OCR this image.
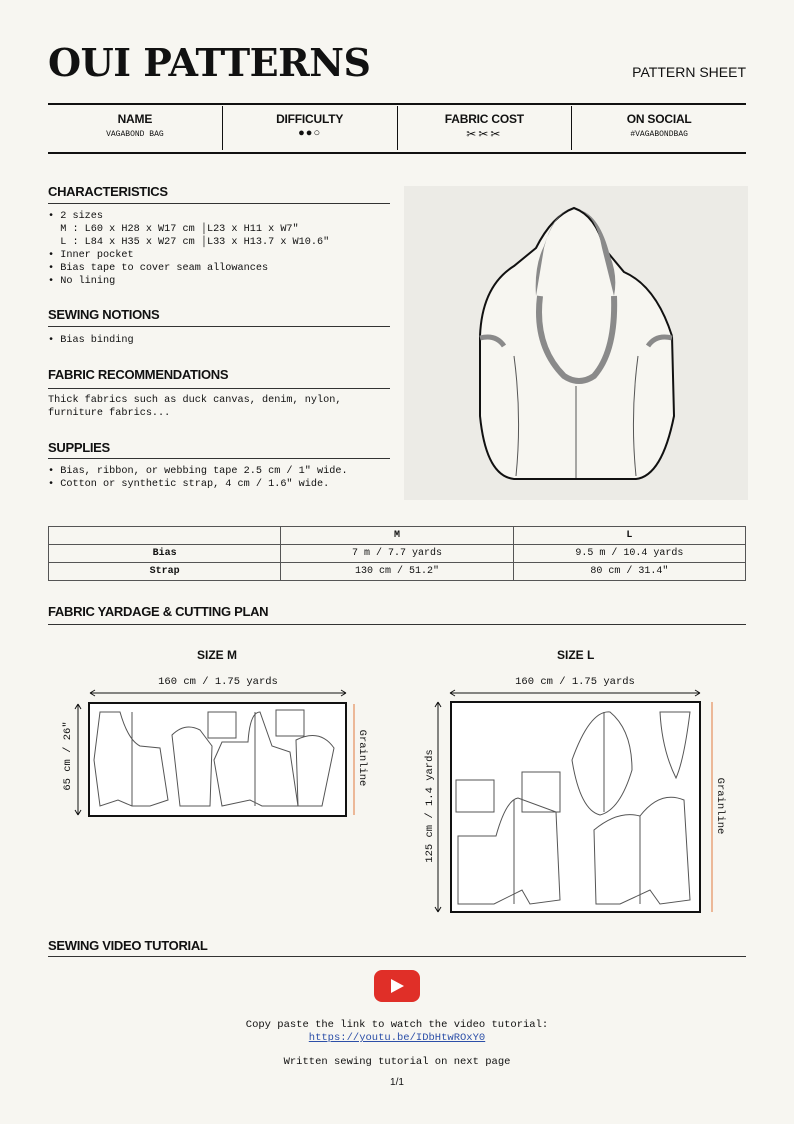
OUI PATTERNS	PATTERN SHEET
NAME
VAGABOND BAG
DIFFICULTY
●●○
FABRIC COST
✂✂✂
ON SOCIAL
#VAGABONDBAG
CHARACTERISTICS
• 2 sizes
M : L60 x H28 x W17 cm │L23 x H11 x W7"
L : L84 x H35 x W27 cm │L33 x H13.7 x W10.6"
• Inner pocket
• Bias tape to cover seam allowances
• No lining
SEWING NOTIONS
• Bias binding
FABRIC RECOMMENDATIONS
Thick fabrics such as duck canvas, denim, nylon,
furniture fabrics...
SUPPLIES
• Bias, ribbon, or webbing tape 2.5 cm / 1" wide.
• Cotton or synthetic strap, 4 cm / 1.6" wide.
	M	L
Bias	7 m / 7.7 yards	9.5 m / 10.4 yards
Strap	130 cm / 51.2"	80 cm / 31.4"
FABRIC YARDAGE & CUTTING PLAN
SIZE M	SIZE L
160 cm / 1.75 yards	160 cm / 1.75 yards
65 cm / 26"	125 cm / 1.4 yards
Grainline
Grainline
SEWING VIDEO TUTORIAL
Copy paste the link to watch the video tutorial:
https://youtu.be/IDbHtwROxY0
Written sewing tutorial on next page
1/1
